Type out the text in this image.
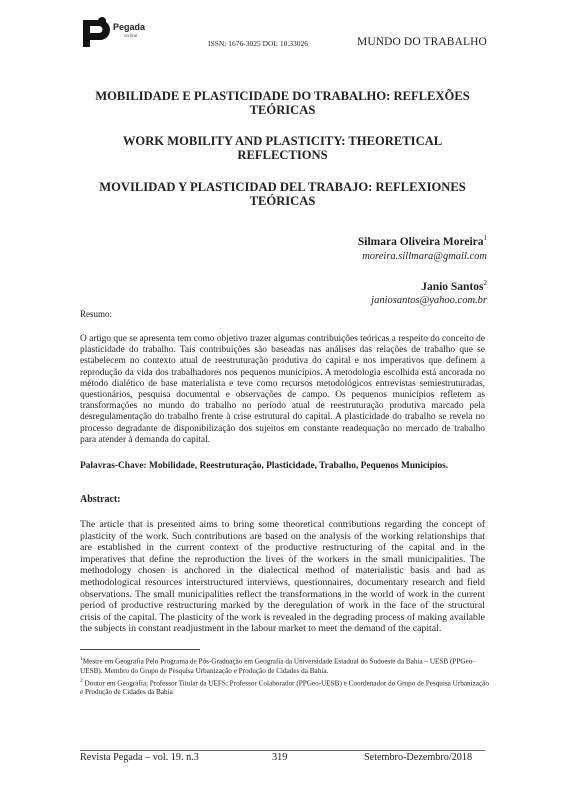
Pegada
on line
ISSN: 1676-3025 DOI: 10.33026	MUNDO DO TRABALHO
MOBILIDADE E PLASTICIDADE DO TRABALHO: REFLEXÕES TEÓRICAS
WORK MOBILITY AND PLASTICITY: THEORETICAL REFLECTIONS
MOVILIDAD Y PLASTICIDAD DEL TRABAJO: REFLEXIONES TEÓRICAS
Silmara Oliveira Moreira$^1$
moreira.sillmara@gmail.com
Janio Santos$^2$
janiosantos@yahoo.com.br
Resumo:
O artigo que se apresenta tem como objetivo trazer algumas contribuições teóricas a respeito do conceito de plasticidade do trabalho. Tais contribuições são baseadas nas análises das relações de trabalho que se estabelecem no contexto atual de reestruturação produtiva do capital e nos imperativos que definem a reprodução da vida dos trabalhadores nos pequenos municípios. A metodologia escolhida está ancorada no método dialético de base materialista e teve como recursos metodológicos entrevistas semiestruturadas, questionários, pesquisa documental e observações de campo. Os pequenos municípios refletem as transformações no mundo do trabalho no período atual de reestruturação produtiva marcado pela desregulamentação do trabalho frente à crise estrutural do capital. A plasticidade do trabalho se revela no processo degradante de disponibilização dos sujeitos em constante readequação no mercado de trabalho para atender à demanda do capital.
Palavras-Chave: Mobilidade, Reestruturação, Plasticidade, Trabalho, Pequenos Municípios.
Abstract:
The article that is presented aims to bring some theoretical contributions regarding the concept of plasticity of the work. Such contributions are based on the analysis of the working relationships that are established in the current context of the productive restructuring of the capital and in the imperatives that define the reproduction the lives of the workers in the small municipalities. The methodology chosen is anchored in the dialectical method of materialistic basis and had as methodological resources interstructured interviews, questionnaires, documentary research and field observations. The small municipalities reflect the transformations in the world of work in the current period of productive restructuring marked by the deregulation of work in the face of the structural crisis of the capital. The plasticity of the work is revealed in the degrading process of making available the subjects in constant readjustment in the labour market to meet the demand of the capital.

$^1$Mestre em Geografia Pelo Programa de Pós-Graduação em Geografia da Universidade Estadual do Sudoeste da Bahia – UESB (PPGeo-UESB). Membro do Grupo de Pesquisa Urbanização e Produção de Cidades da Bahia.

$^2$ Doutor em Geografia; Professor Titular da UEFS; Professor Colaborador (PPGeo-UESB) e Coordenador do Grupo de Pesquisa Urbanização e Produção de Cidades da Bahia

Revista Pegada – vol. 19. n.3	319	Setembro-Dezembro/2018
